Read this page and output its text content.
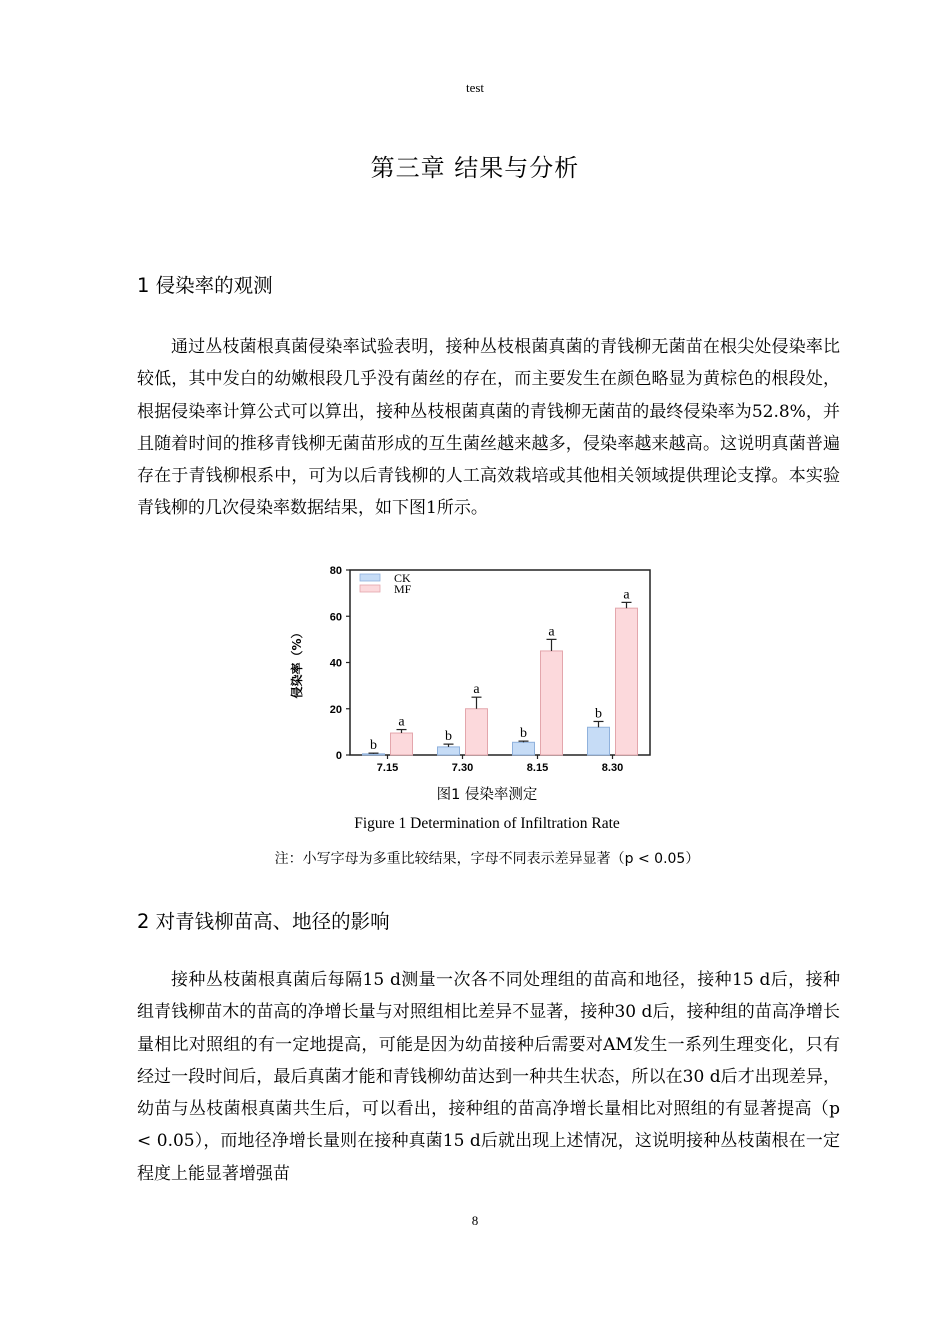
test
第三章 结果与分析
1 侵染率的观测

通过丛枝菌根真菌侵染率试验表明，接种丛枝根菌真菌的青钱柳无菌苗在根尖处侵染率比较低，其中发白的幼嫩根段几乎没有菌丝的存在，而主要发生在颜色略显为黄棕色的根段处，根据侵染率计算公式可以算出，接种丛枝根菌真菌的青钱柳无菌苗的最终侵染率为52.8%，并且随着时间的推移青钱柳无菌苗形成的互生菌丝越来越多，侵染率越来越高。这说明真菌普遍存在于青钱柳根系中，可为以后青钱柳的人工高效栽培或其他相关领域提供理论支撑。本实验青钱柳的几次侵染率数据结果，如下图1所示。

0
20
40
60
80
侵染率（%）
7.15
b
a
7.30
b
a
8.15
b
a
8.30
b
a
CK
MF
图1 侵染率测定
Figure 1 Determination of Infiltration Rate
注：小写字母为多重比较结果，字母不同表示差异显著（p < 0.05）
2 对青钱柳苗高、地径的影响

接种丛枝菌根真菌后每隔15 d测量一次各不同处理组的苗高和地径，接种15 d后，接种组青钱柳苗木的苗高的净增长量与对照组相比差异不显著，接种30 d后，接种组的苗高净增长量相比对照组的有一定地提高，可能是因为幼苗接种后需要对AM发生一系列生理变化，只有经过一段时间后，最后真菌才能和青钱柳幼苗达到一种共生状态，所以在30 d后才出现差异，幼苗与丛枝菌根真菌共生后，可以看出，接种组的苗高净增长量相比对照组的有显著提高（p < 0.05），而地径净增长量则在接种真菌15 d后就出现上述情况，这说明接种丛枝菌根在一定程度上能显著增强苗

8
